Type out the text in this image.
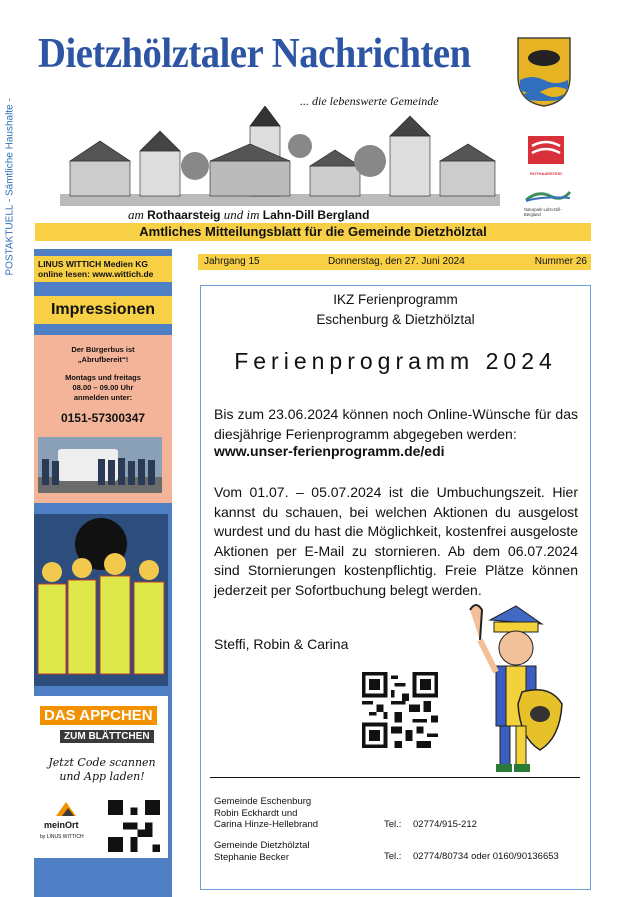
POSTAKTUELL - Sämtliche Haushalte -
Dietzhölztaler Nachrichten
... die lebenswerte Gemeinde
am Rothaarsteig und im Lahn-Dill Bergland
Amtliches Mitteilungsblatt für die Gemeinde Dietzhölztal
ROTHAARSTEIG
Naturpark Lahn-Dill-Bergland
LINUS WITTICH Medien KG
online lesen: www.wittich.de
Impressionen
Der Bürgerbus ist
„Abrufbereit“!
Montags und freitags
08.00 – 09.00 Uhr
anmelden unter:
0151-57300347
DAS APPCHEN
ZUM BLÄTTCHEN
Jetzt Code scannen
und App laden!
meinOrt
by LINUS WITTICH
Jahrgang 15	Donnerstag, den 27. Juni 2024	Nummer 26
IKZ Ferienprogramm
Eschenburg & Dietzhölztal
Ferienprogramm 2024
Bis zum 23.06.2024 können noch Online-Wünsche für das diesjährige Ferienprogramm abgegeben werden:
www.unser-ferienprogramm.de/edi
Vom 01.07. – 05.07.2024 ist die Umbuchungszeit. Hier kannst du schauen, bei welchen Aktionen du ausgelost wurdest und du hast die Möglichkeit, kostenfrei ausgeloste Aktionen per E-Mail zu stornieren. Ab dem 06.07.2024 sind Stornierungen kostenpflichtig. Freie Plätze können jederzeit per Sofortbuchung belegt werden.
Steffi, Robin & Carina
Gemeinde Eschenburg
Robin Eckhardt und
Carina Hinze-Hellebrand	Tel.: 02774/915-212
Gemeinde Dietzhölztal
Stephanie Becker	Tel.: 02774/80734 oder 0160/90136653
